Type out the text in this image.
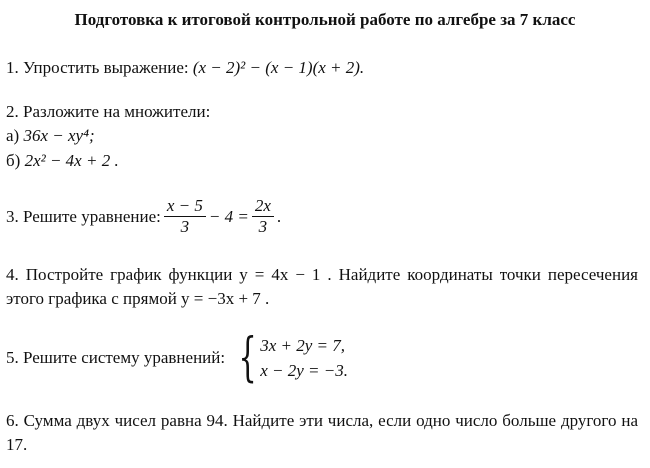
Подготовка к итоговой контрольной работе по алгебре за 7 класс
1. Упростить выражение: (x − 2)² − (x − 1)(x + 2).
2. Разложите на множители:
а) 36x − xy⁴;
б) 2x² − 4x + 2 .
3. Решите уравнение: $\frac{x - 5}{3} - 4 = \frac{2x}{3}$ .
4. Постройте график функции y = 4x − 1 . Найдите координаты точки пересечения этого графика с прямой y = −3x + 7 .
5. Решите систему уравнений: { 3x + 2y = 7,
x − 2y = −3.
6. Сумма двух чисел равна 94. Найдите эти числа, если одно число больше другого на 17.
